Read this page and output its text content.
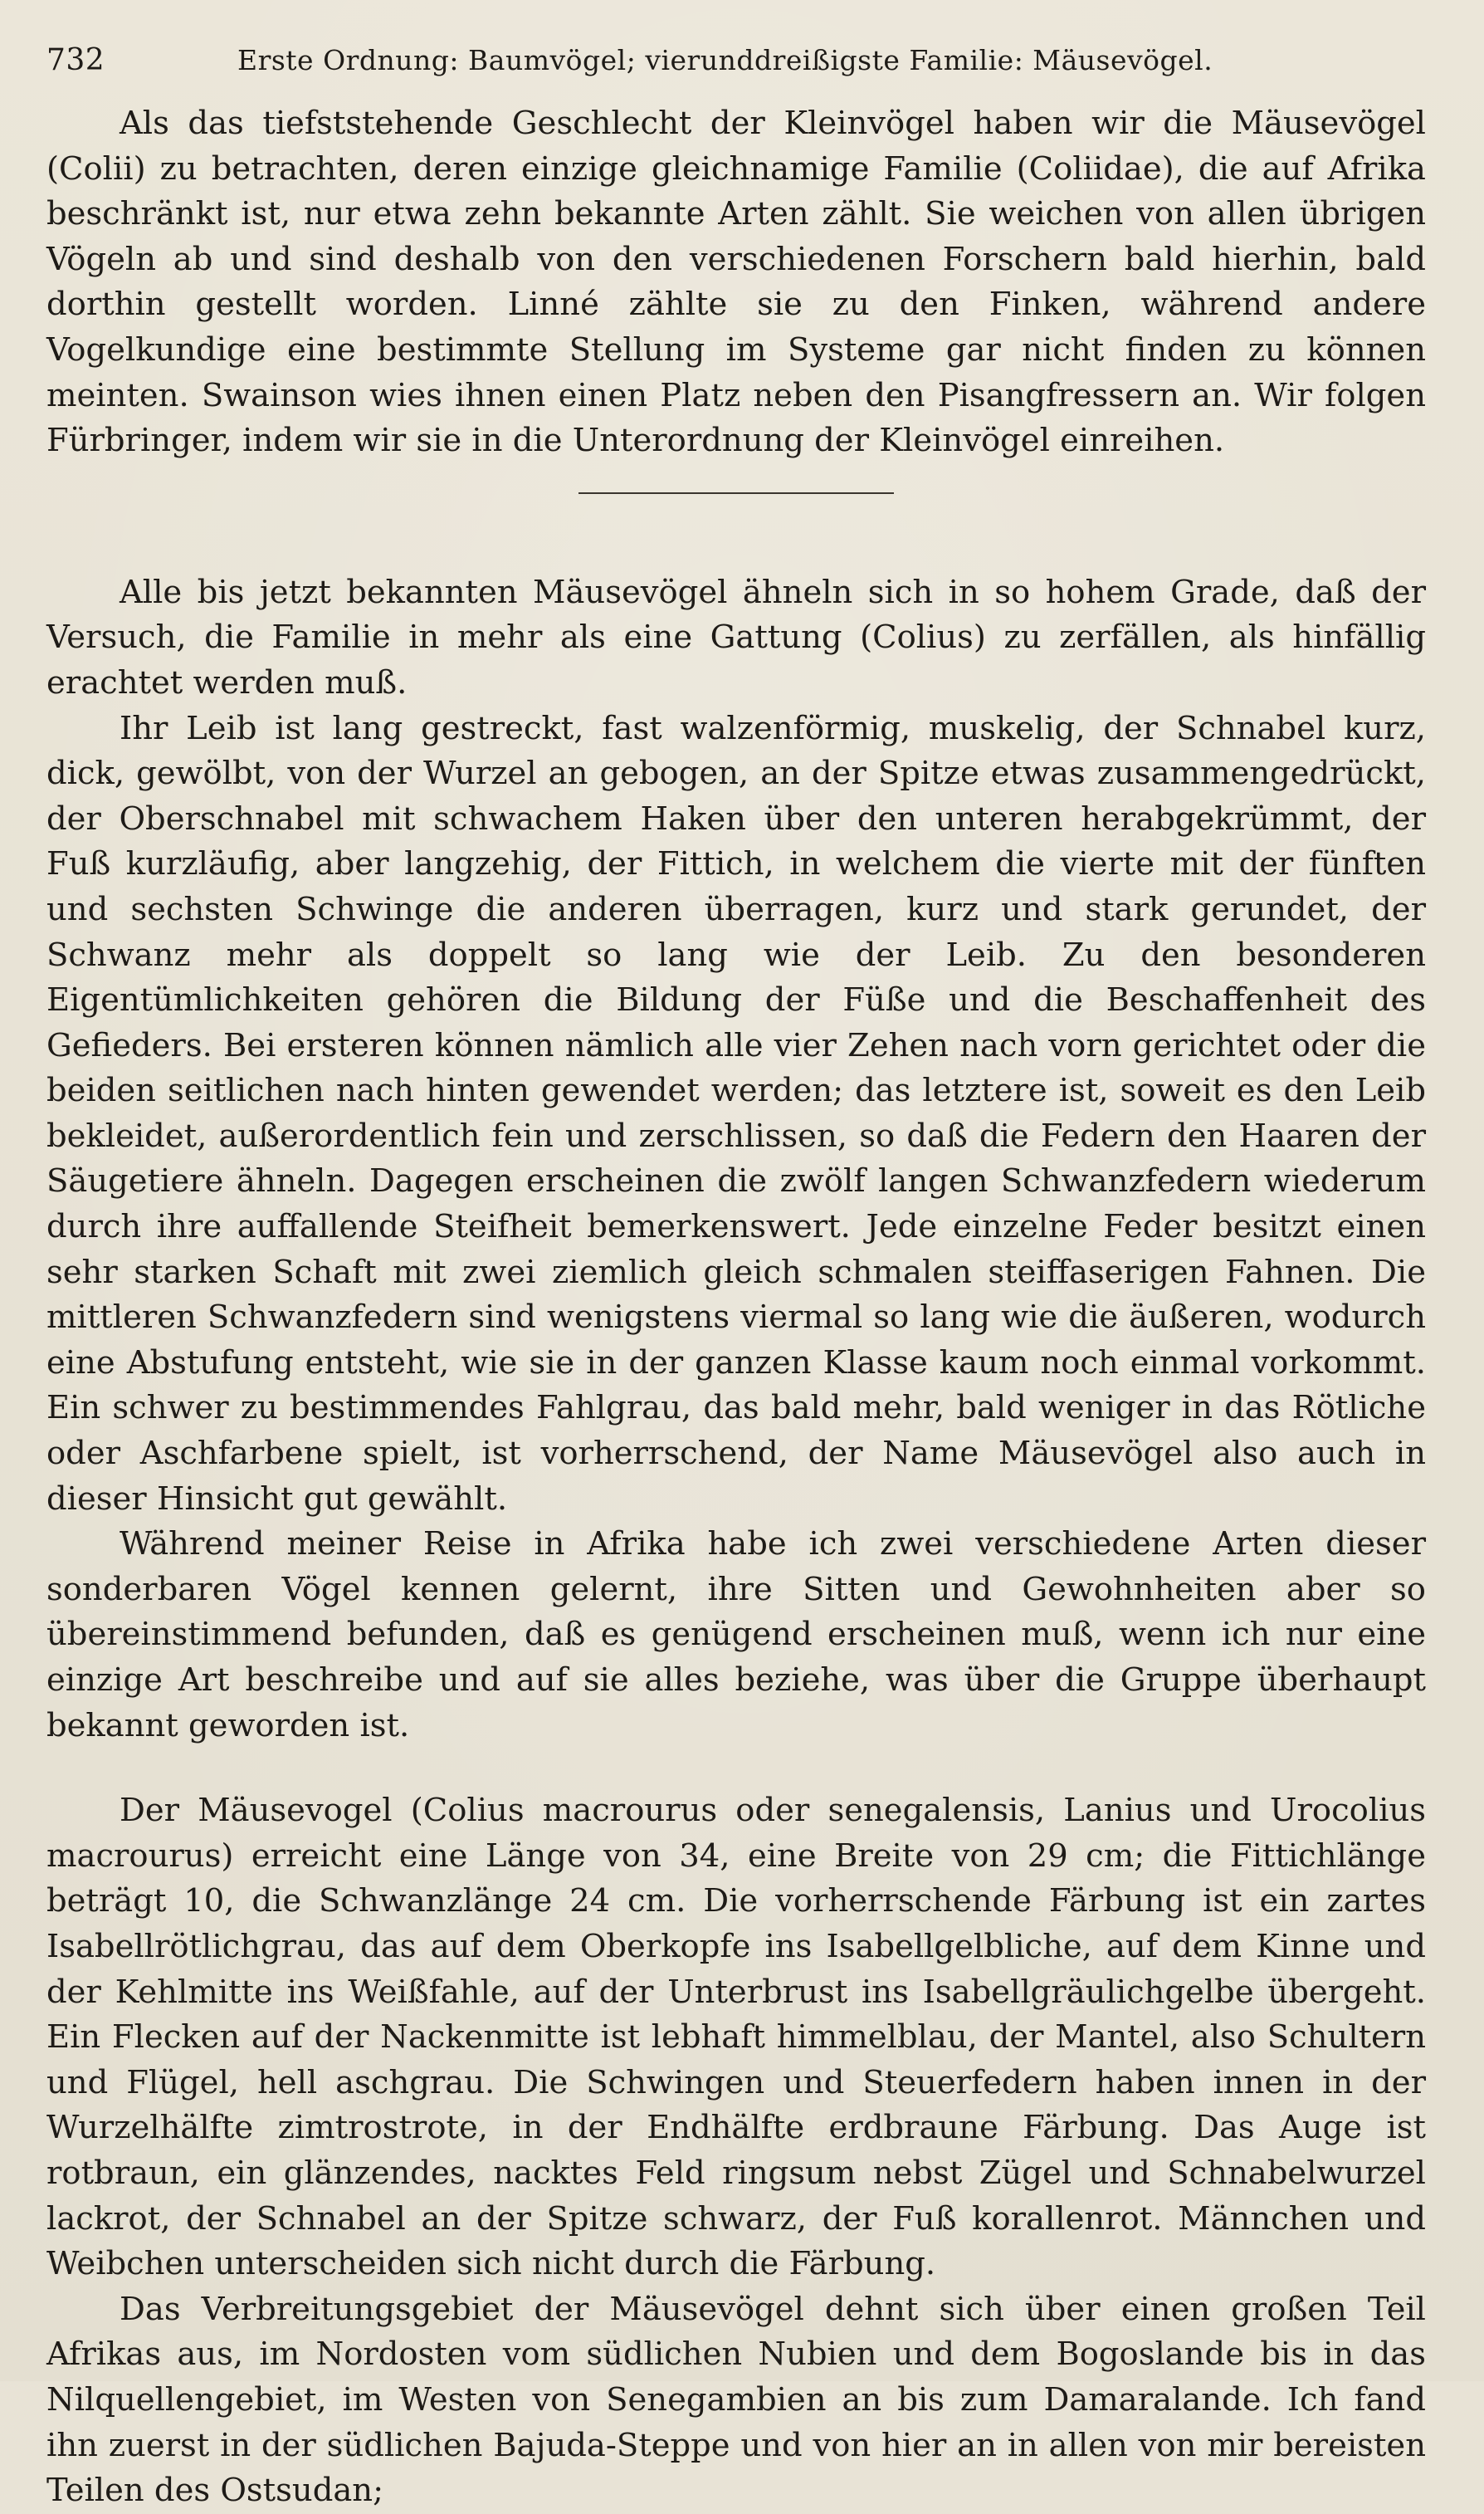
732	Erste Ordnung: Baumvögel; vierunddreißigste Familie: Mäusevögel.

Als das tiefststehende Geschlecht der Kleinvögel haben wir die Mäusevögel (Colii) zu betrachten, deren einzige gleichnamige Familie (Coliidae), die auf Afrika beschränkt ist, nur etwa zehn bekannte Arten zählt. Sie weichen von allen übrigen Vögeln ab und sind deshalb von den verschiedenen Forschern bald hierhin, bald dorthin gestellt worden. Linné zählte sie zu den Finken, während andere Vogelkundige eine bestimmte Stellung im Systeme gar nicht finden zu können meinten. Swainson wies ihnen einen Platz neben den Pisangfressern an. Wir folgen Fürbringer, indem wir sie in die Unterordnung der Kleinvögel einreihen.

Alle bis jetzt bekannten Mäusevögel ähneln sich in so hohem Grade, daß der Versuch, die Familie in mehr als eine Gattung (Colius) zu zerfällen, als hinfällig erachtet werden muß.

Ihr Leib ist lang gestreckt, fast walzenförmig, muskelig, der Schnabel kurz, dick, gewölbt, von der Wurzel an gebogen, an der Spitze etwas zusammengedrückt, der Oberschnabel mit schwachem Haken über den unteren herabgekrümmt, der Fuß kurzläufig, aber langzehig, der Fittich, in welchem die vierte mit der fünften und sechsten Schwinge die anderen überragen, kurz und stark gerundet, der Schwanz mehr als doppelt so lang wie der Leib. Zu den besonderen Eigentümlichkeiten gehören die Bildung der Füße und die Beschaffenheit des Gefieders. Bei ersteren können nämlich alle vier Zehen nach vorn gerichtet oder die beiden seitlichen nach hinten gewendet werden; das letztere ist, soweit es den Leib bekleidet, außerordentlich fein und zerschlissen, so daß die Federn den Haaren der Säugetiere ähneln. Dagegen erscheinen die zwölf langen Schwanzfedern wiederum durch ihre auffallende Steifheit bemerkenswert. Jede einzelne Feder besitzt einen sehr starken Schaft mit zwei ziemlich gleich schmalen steiffaserigen Fahnen. Die mittleren Schwanzfedern sind wenigstens viermal so lang wie die äußeren, wodurch eine Abstufung entsteht, wie sie in der ganzen Klasse kaum noch einmal vorkommt. Ein schwer zu bestimmendes Fahlgrau, das bald mehr, bald weniger in das Rötliche oder Aschfarbene spielt, ist vorherrschend, der Name Mäusevögel also auch in dieser Hinsicht gut gewählt.

Während meiner Reise in Afrika habe ich zwei verschiedene Arten dieser sonderbaren Vögel kennen gelernt, ihre Sitten und Gewohnheiten aber so übereinstimmend befunden, daß es genügend erscheinen muß, wenn ich nur eine einzige Art beschreibe und auf sie alles beziehe, was über die Gruppe überhaupt bekannt geworden ist.

Der Mäusevogel (Colius macrourus oder senegalensis, Lanius und Urocolius macrourus) erreicht eine Länge von 34, eine Breite von 29 cm; die Fittichlänge beträgt 10, die Schwanzlänge 24 cm. Die vorherrschende Färbung ist ein zartes Isabellrötlichgrau, das auf dem Oberkopfe ins Isabellgelbliche, auf dem Kinne und der Kehlmitte ins Weißfahle, auf der Unterbrust ins Isabellgräulichgelbe übergeht. Ein Flecken auf der Nackenmitte ist lebhaft himmelblau, der Mantel, also Schultern und Flügel, hell aschgrau. Die Schwingen und Steuerfedern haben innen in der Wurzelhälfte zimtrostrote, in der Endhälfte erdbraune Färbung. Das Auge ist rotbraun, ein glänzendes, nacktes Feld ringsum nebst Zügel und Schnabelwurzel lackrot, der Schnabel an der Spitze schwarz, der Fuß korallenrot. Männchen und Weibchen unterscheiden sich nicht durch die Färbung.

Das Verbreitungsgebiet der Mäusevögel dehnt sich über einen großen Teil Afrikas aus, im Nordosten vom südlichen Nubien und dem Bogoslande bis in das Nilquellengebiet, im Westen von Senegambien an bis zum Damaralande. Ich fand ihn zuerst in der südlichen Bajuda-Steppe und von hier an in allen von mir bereisten Teilen des Ostsudan;
